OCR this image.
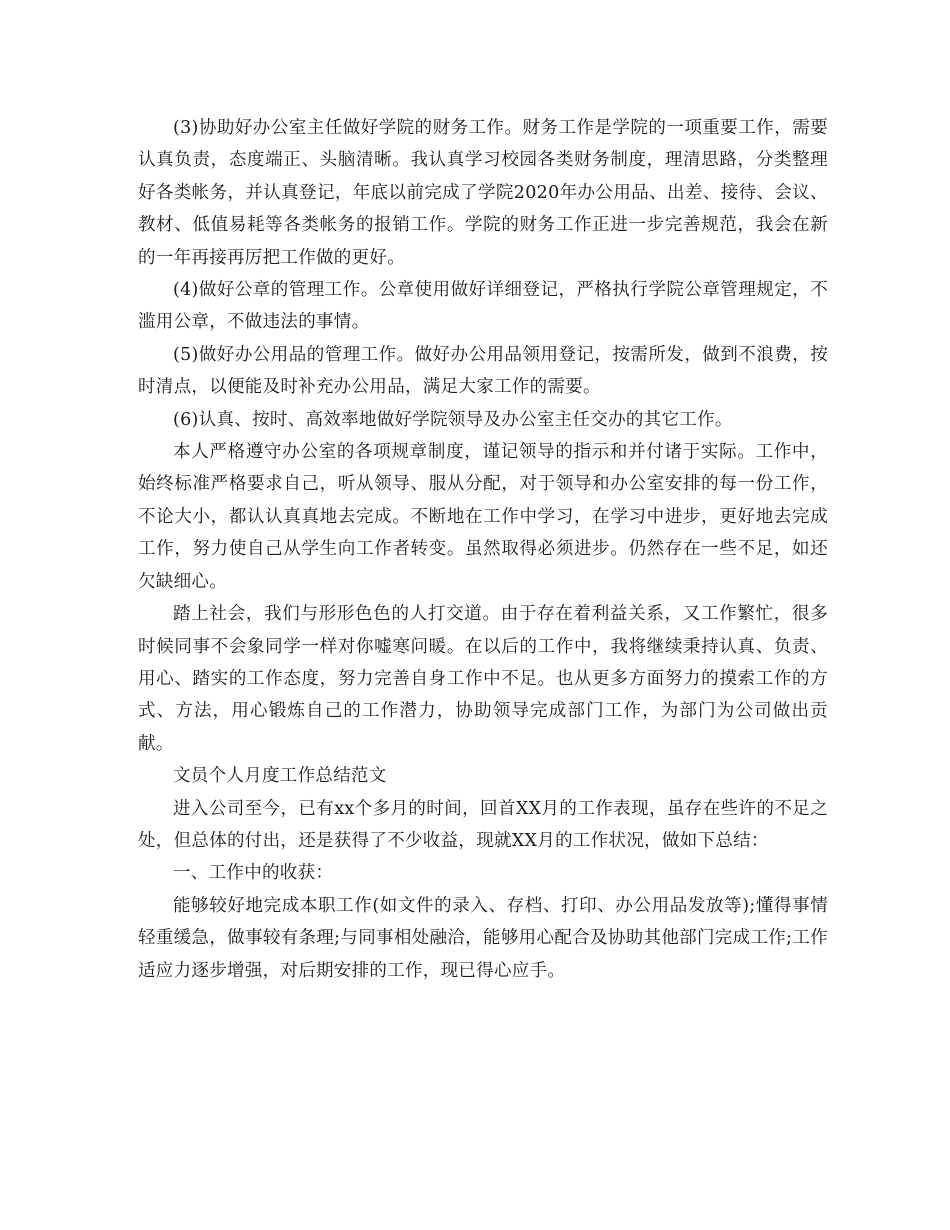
(3)协助好办公室主任做好学院的财务工作。财务工作是学院的一项重要工作，需要认真负责，态度端正、头脑清晰。我认真学习校园各类财务制度，理清思路，分类整理好各类帐务，并认真登记，年底以前完成了学院2020年办公用品、出差、接待、会议、教材、低值易耗等各类帐务的报销工作。学院的财务工作正进一步完善规范，我会在新的一年再接再厉把工作做的更好。

(4)做好公章的管理工作。公章使用做好详细登记，严格执行学院公章管理规定，不滥用公章，不做违法的事情。

(5)做好办公用品的管理工作。做好办公用品领用登记，按需所发，做到不浪费，按时清点，以便能及时补充办公用品，满足大家工作的需要。

(6)认真、按时、高效率地做好学院领导及办公室主任交办的其它工作。

本人严格遵守办公室的各项规章制度，谨记领导的指示和并付诸于实际。工作中，始终标准严格要求自己，听从领导、服从分配，对于领导和办公室安排的每一份工作，不论大小，都认认真真地去完成。不断地在工作中学习，在学习中进步，更好地去完成工作，努力使自己从学生向工作者转变。虽然取得必须进步。仍然存在一些不足，如还欠缺细心。

踏上社会，我们与形形色色的人打交道。由于存在着利益关系，又工作繁忙，很多时候同事不会象同学一样对你嘘寒问暖。在以后的工作中，我将继续秉持认真、负责、用心、踏实的工作态度，努力完善自身工作中不足。也从更多方面努力的摸索工作的方式、方法，用心锻炼自己的工作潜力，协助领导完成部门工作，为部门为公司做出贡献。

文员个人月度工作总结范文

进入公司至今，已有xx个多月的时间，回首XX月的工作表现，虽存在些许的不足之处，但总体的付出，还是获得了不少收益，现就XX月的工作状况，做如下总结：

一、工作中的收获：

能够较好地完成本职工作(如文件的录入、存档、打印、办公用品发放等);懂得事情轻重缓急，做事较有条理;与同事相处融洽，能够用心配合及协助其他部门完成工作;工作适应力逐步增强，对后期安排的工作，现已得心应手。
